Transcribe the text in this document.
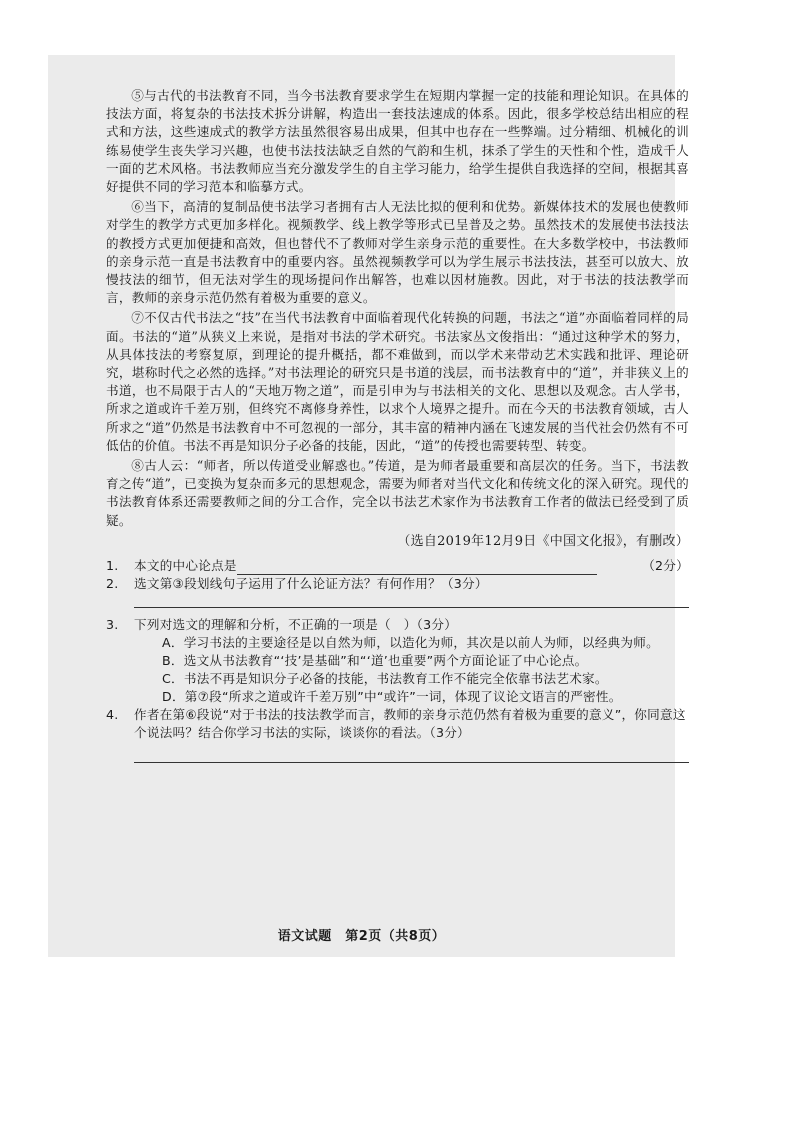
⑤与古代的书法教育不同，当今书法教育要求学生在短期内掌握一定的技能和理论知识。在具体的技法方面，将复杂的书法技术拆分讲解，构造出一套技法速成的体系。因此，很多学校总结出相应的程式和方法，这些速成式的教学方法虽然很容易出成果，但其中也存在一些弊端。过分精细、机械化的训练易使学生丧失学习兴趣，也使书法技法缺乏自然的气韵和生机，抹杀了学生的天性和个性，造成千人一面的艺术风格。书法教师应当充分激发学生的自主学习能力，给学生提供自我选择的空间，根据其喜好提供不同的学习范本和临摹方式。

⑥当下，高清的复制品使书法学习者拥有古人无法比拟的便利和优势。新媒体技术的发展也使教师对学生的教学方式更加多样化。视频教学、线上教学等形式已呈普及之势。虽然技术的发展使书法技法的教授方式更加便捷和高效，但也替代不了教师对学生亲身示范的重要性。在大多数学校中，书法教师的亲身示范一直是书法教育中的重要内容。虽然视频教学可以为学生展示书法技法，甚至可以放大、放慢技法的细节，但无法对学生的现场提问作出解答，也难以因材施教。因此，对于书法的技法教学而言，教师的亲身示范仍然有着极为重要的意义。

⑦不仅古代书法之“技”在当代书法教育中面临着现代化转换的问题，书法之“道”亦面临着同样的局面。书法的“道”从狭义上来说，是指对书法的学术研究。书法家丛文俊指出：“通过这种学术的努力，从具体技法的考察复原，到理论的提升概括，都不难做到，而以学术来带动艺术实践和批评、理论研究，堪称时代之必然的选择。”对书法理论的研究只是书道的浅层，而书法教育中的“道”，并非狭义上的书道，也不局限于古人的“天地万物之道”，而是引申为与书法相关的文化、思想以及观念。古人学书，所求之道或许千差万别，但终究不离修身养性，以求个人境界之提升。而在今天的书法教育领域，古人所求之“道”仍然是书法教育中不可忽视的一部分，其丰富的精神内涵在飞速发展的当代社会仍然有不可低估的价值。书法不再是知识分子必备的技能，因此，“道”的传授也需要转型、转变。

⑧古人云：“师者，所以传道受业解惑也。”传道，是为师者最重要和高层次的任务。当下，书法教育之传“道”，已变换为复杂而多元的思想观念，需要为师者对当代文化和传统文化的深入研究。现代的书法教育体系还需要教师之间的分工合作，完全以书法艺术家作为书法教育工作者的做法已经受到了质疑。

（选自2019年12月9日《中国文化报》，有删改）

1. 本文的中心论点是	（2分）
2. 选文第③段划线句子运用了什么论证方法？有何作用？（3分）
3. 下列对选文的理解和分析，不正确的一项是（　）（3分）
A．学习书法的主要途径是以自然为师，以造化为师，其次是以前人为师，以经典为师。
B．选文从书法教育“‘技’是基础”和“‘道’也重要”两个方面论证了中心论点。
C．书法不再是知识分子必备的技能，书法教育工作不能完全依靠书法艺术家。
D．第⑦段“所求之道或许千差万别”中“或许”一词，体现了议论文语言的严密性。
4.	作者在第⑥段说“对于书法的技法教学而言，教师的亲身示范仍然有着极为重要的意义”，你同意这个说法吗？结合你学习书法的实际，谈谈你的看法。（3分）
语文试题　第2页（共8页）
